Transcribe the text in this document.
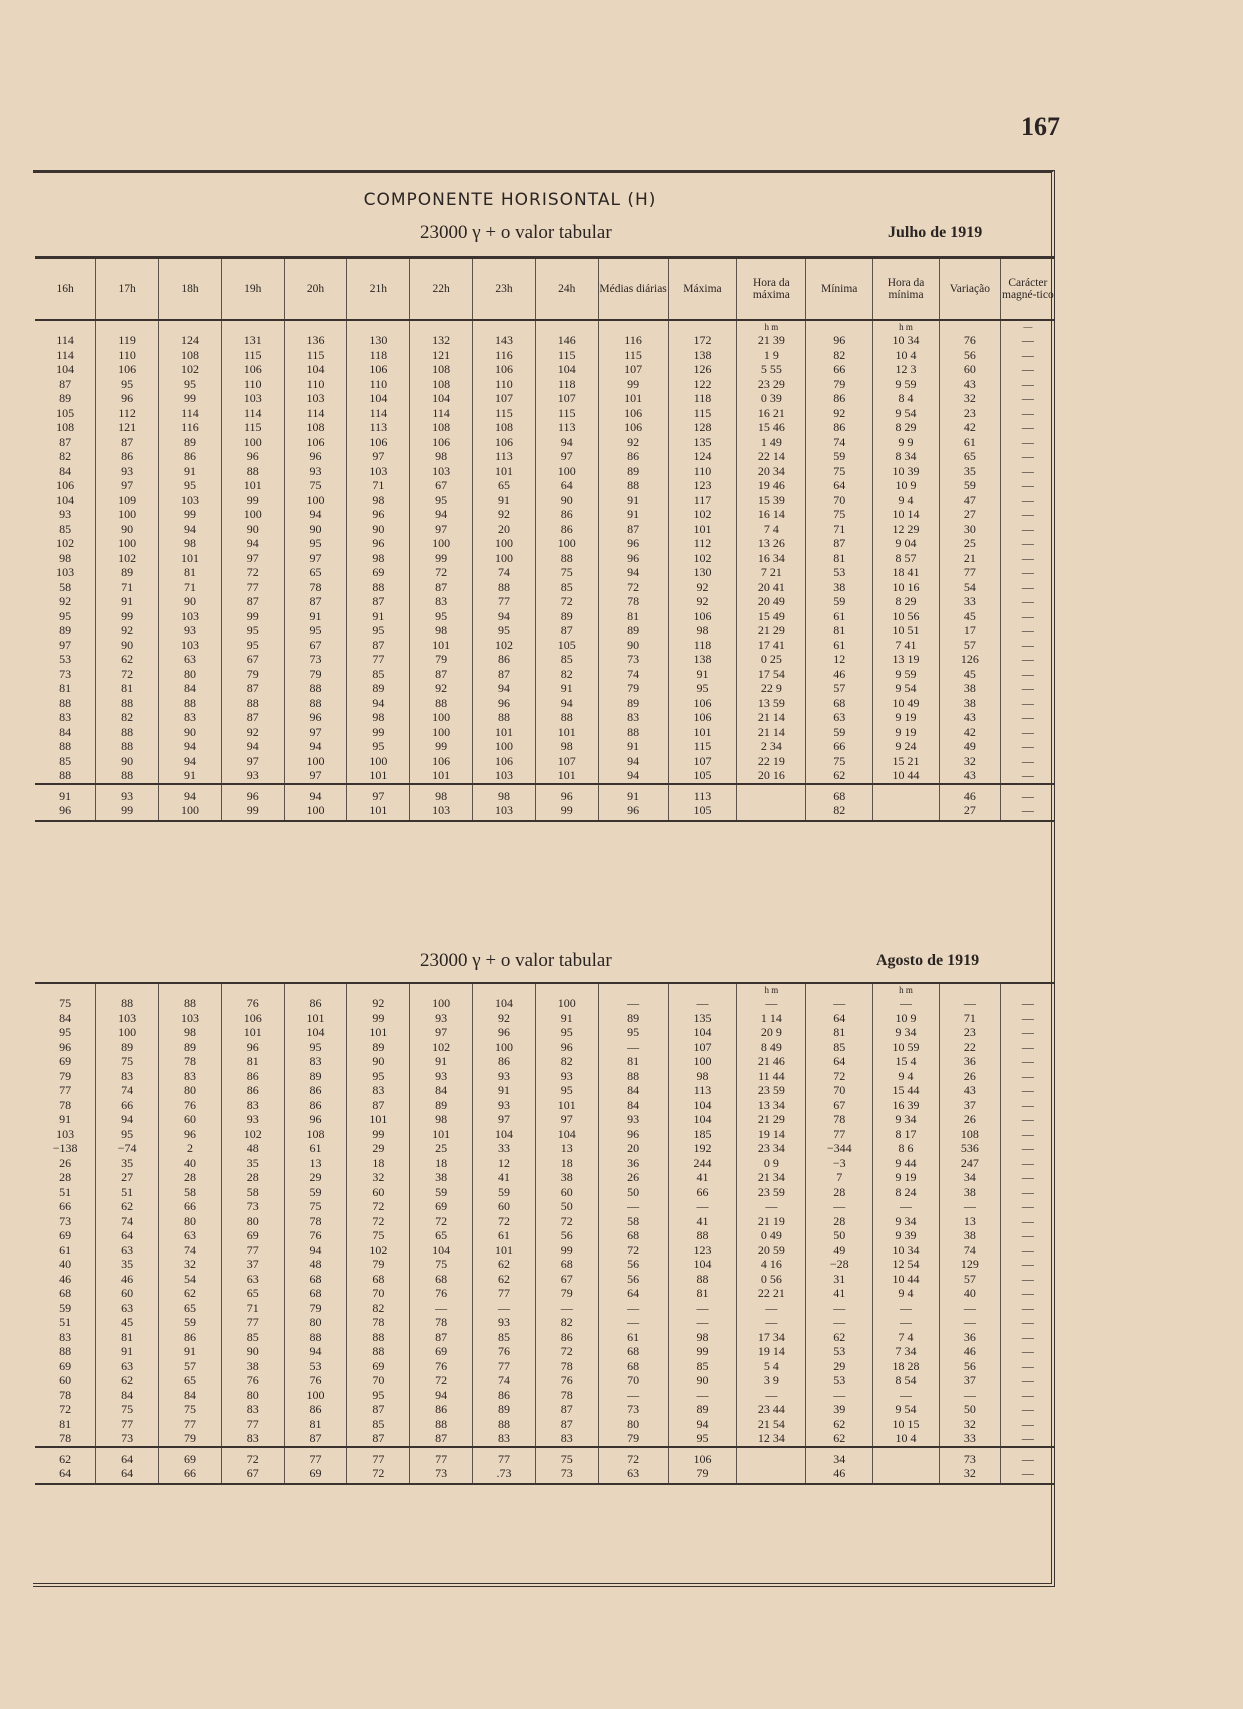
167
COMPONENTE HORISONTAL (H)
23000 γ + o valor tabular	Julho de 1919
16h	17h	18h	19h	20h	21h	22h	23h	24h	Médias diárias	Máxima	Hora da máxima	Mínima	Hora da mínima	Variação	Carácter magné-tico
											h m		h m		—
114	119	124	131	136	130	132	143	146	116	172	21 39	96	10 34	76	—
114	110	108	115	115	118	121	116	115	115	138	1 9	82	10 4	56	—
104	106	102	106	104	106	108	106	104	107	126	5 55	66	12 3	60	—
87	95	95	110	110	110	108	110	118	99	122	23 29	79	9 59	43	—
89	96	99	103	103	104	104	107	107	101	118	0 39	86	8 4	32	—
105	112	114	114	114	114	114	115	115	106	115	16 21	92	9 54	23	—
108	121	116	115	108	113	108	108	113	106	128	15 46	86	8 29	42	—
87	87	89	100	106	106	106	106	94	92	135	1 49	74	9 9	61	—
82	86	86	96	96	97	98	113	97	86	124	22 14	59	8 34	65	—
84	93	91	88	93	103	103	101	100	89	110	20 34	75	10 39	35	—
106	97	95	101	75	71	67	65	64	88	123	19 46	64	10 9	59	—
104	109	103	99	100	98	95	91	90	91	117	15 39	70	9 4	47	—
93	100	99	100	94	96	94	92	86	91	102	16 14	75	10 14	27	—
85	90	94	90	90	90	97	20	86	87	101	7 4	71	12 29	30	—
102	100	98	94	95	96	100	100	100	96	112	13 26	87	9 04	25	—
98	102	101	97	97	98	99	100	88	96	102	16 34	81	8 57	21	—
103	89	81	72	65	69	72	74	75	94	130	7 21	53	18 41	77	—
58	71	71	77	78	88	87	88	85	72	92	20 41	38	10 16	54	—
92	91	90	87	87	87	83	77	72	78	92	20 49	59	8 29	33	—
95	99	103	99	91	91	95	94	89	81	106	15 49	61	10 56	45	—
89	92	93	95	95	95	98	95	87	89	98	21 29	81	10 51	17	—
97	90	103	95	67	87	101	102	105	90	118	17 41	61	7 41	57	—
53	62	63	67	73	77	79	86	85	73	138	0 25	12	13 19	126	—
73	72	80	79	79	85	87	87	82	74	91	17 54	46	9 59	45	—
81	81	84	87	88	89	92	94	91	79	95	22 9	57	9 54	38	—
88	88	88	88	88	94	88	96	94	89	106	13 59	68	10 49	38	—
83	82	83	87	96	98	100	88	88	83	106	21 14	63	9 19	43	—
84	88	90	92	97	99	100	101	101	88	101	21 14	59	9 19	42	—
88	88	94	94	94	95	99	100	98	91	115	2 34	66	9 24	49	—
85	90	94	97	100	100	106	106	107	94	107	22 19	75	15 21	32	—
88	88	91	93	97	101	101	103	101	94	105	20 16	62	10 44	43	—
91	93	94	96	94	97	98	98	96	91	113		68		46	—
96	99	100	99	100	101	103	103	99	96	105		82		27	—
23000 γ + o valor tabular	Agosto de 1919
											h m		h m		
75	88	88	76	86	92	100	104	100	—	—	—	—	—	—	—
84	103	103	106	101	99	93	92	91	89	135	1 14	64	10 9	71	—
95	100	98	101	104	101	97	96	95	95	104	20 9	81	9 34	23	—
96	89	89	96	95	89	102	100	96	—	107	8 49	85	10 59	22	—
69	75	78	81	83	90	91	86	82	81	100	21 46	64	15 4	36	—
79	83	83	86	89	95	93	93	93	88	98	11 44	72	9 4	26	—
77	74	80	86	86	83	84	91	95	84	113	23 59	70	15 44	43	—
78	66	76	83	86	87	89	93	101	84	104	13 34	67	16 39	37	—
91	94	60	93	96	101	98	97	97	93	104	21 29	78	9 34	26	—
103	95	96	102	108	99	101	104	104	96	185	19 14	77	8 17	108	—
−138	−74	2	48	61	29	25	33	13	20	192	23 34	−344	8 6	536	—
26	35	40	35	13	18	18	12	18	36	244	0 9	−3	9 44	247	—
28	27	28	28	29	32	38	41	38	26	41	21 34	7	9 19	34	—
51	51	58	58	59	60	59	59	60	50	66	23 59	28	8 24	38	—
66	62	66	73	75	72	69	60	50	—	—	—	—	—	—	—
73	74	80	80	78	72	72	72	72	58	41	21 19	28	9 34	13	—
69	64	63	69	76	75	65	61	56	68	88	0 49	50	9 39	38	—
61	63	74	77	94	102	104	101	99	72	123	20 59	49	10 34	74	—
40	35	32	37	48	79	75	62	68	56	104	4 16	−28	12 54	129	—
46	46	54	63	68	68	68	62	67	56	88	0 56	31	10 44	57	—
68	60	62	65	68	70	76	77	79	64	81	22 21	41	9 4	40	—
59	63	65	71	79	82	—	—	—	—	—	—	—	—	—	—
51	45	59	77	80	78	78	93	82	—	—	—	—	—	—	—
83	81	86	85	88	88	87	85	86	61	98	17 34	62	7 4	36	—
88	91	91	90	94	88	69	76	72	68	99	19 14	53	7 34	46	—
69	63	57	38	53	69	76	77	78	68	85	5 4	29	18 28	56	—
60	62	65	76	76	70	72	74	76	70	90	3 9	53	8 54	37	—
78	84	84	80	100	95	94	86	78	—	—	—	—	—	—	—
72	75	75	83	86	87	86	89	87	73	89	23 44	39	9 54	50	—
81	77	77	77	81	85	88	88	87	80	94	21 54	62	10 15	32	—
78	73	79	83	87	87	87	83	83	79	95	12 34	62	10 4	33	—
62	64	69	72	77	77	77	77	75	72	106		34		73	—
64	64	66	67	69	72	73	.73	73	63	79		46		32	—
